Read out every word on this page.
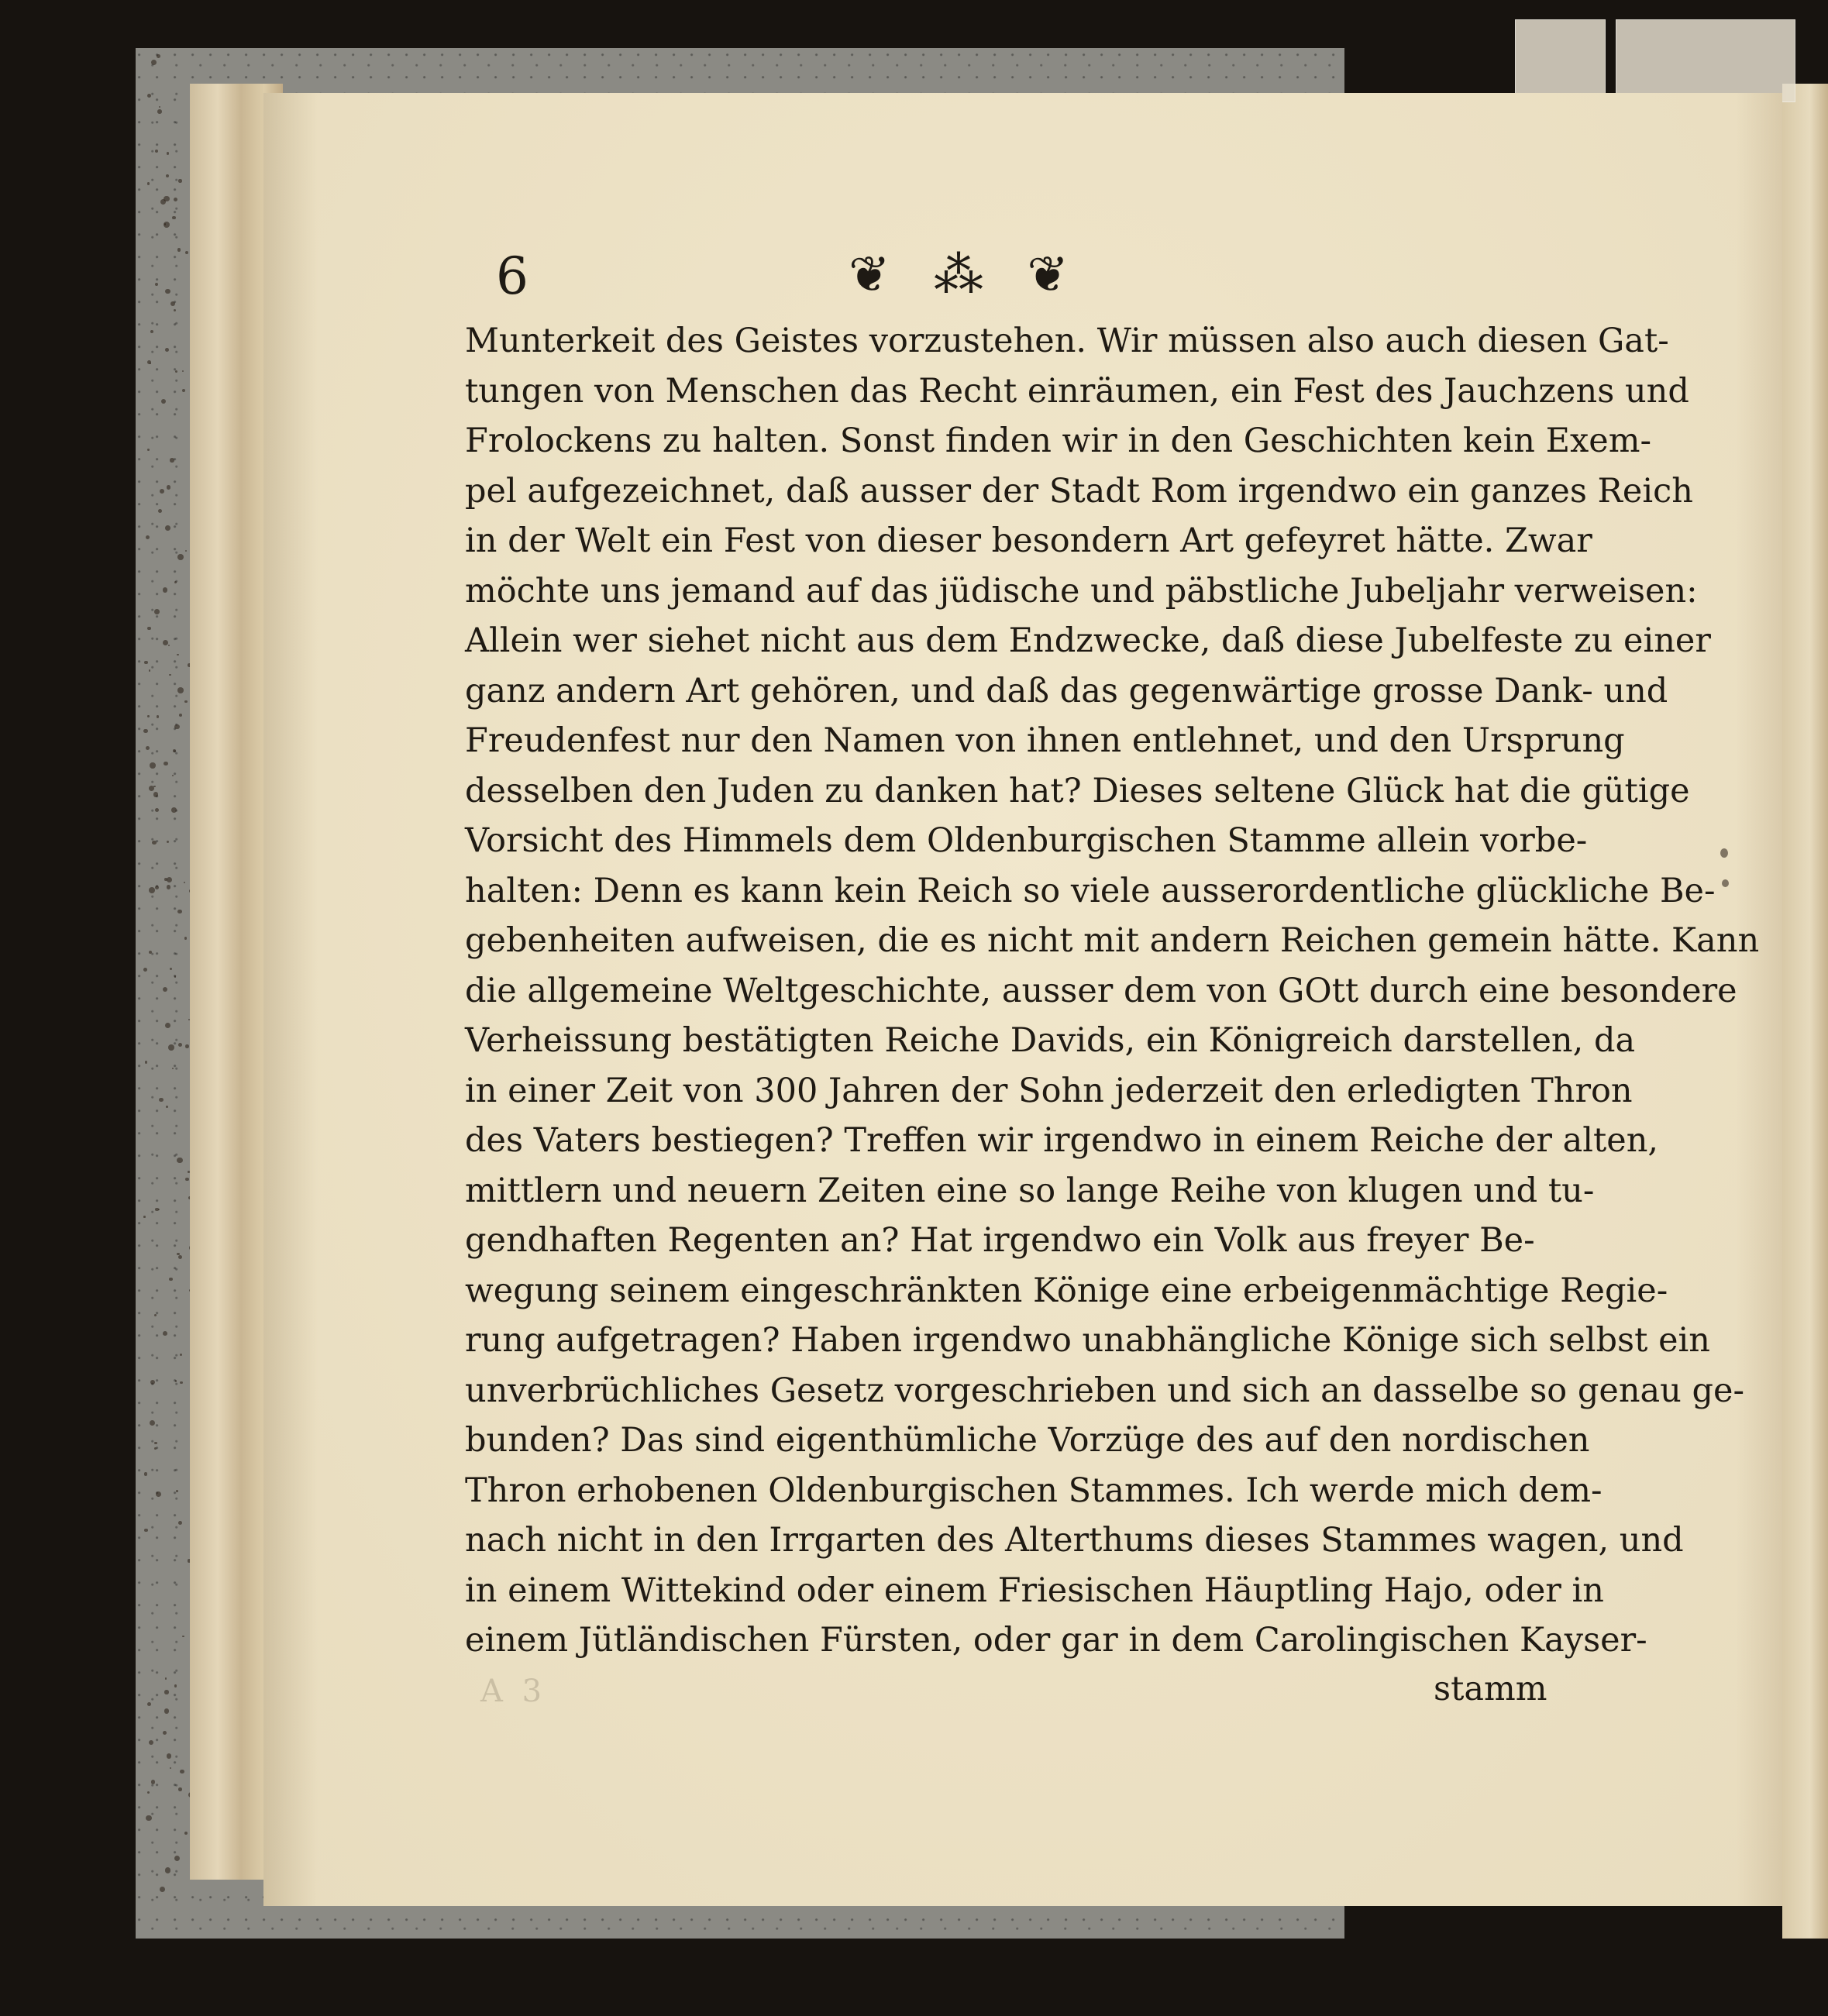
6	❦ ⁂ ❦
Munterkeit des Geistes vorzustehen. Wir müssen also auch diesen Gat-
tungen von Menschen das Recht einräumen, ein Fest des Jauchzens und
Frolockens zu halten. Sonst finden wir in den Geschichten kein Exem-
pel aufgezeichnet, daß ausser der Stadt Rom irgendwo ein ganzes Reich
in der Welt ein Fest von dieser besondern Art gefeyret hätte. Zwar
möchte uns jemand auf das jüdische und päbstliche Jubeljahr verweisen:
Allein wer siehet nicht aus dem Endzwecke, daß diese Jubelfeste zu einer
ganz andern Art gehören, und daß das gegenwärtige grosse Dank- und
Freudenfest nur den Namen von ihnen entlehnet, und den Ursprung
desselben den Juden zu danken hat? Dieses seltene Glück hat die gütige
Vorsicht des Himmels dem Oldenburgischen Stamme allein vorbe-
halten: Denn es kann kein Reich so viele ausserordentliche glückliche Be-
gebenheiten aufweisen, die es nicht mit andern Reichen gemein hätte. Kann
die allgemeine Weltgeschichte, ausser dem von GOtt durch eine besondere
Verheissung bestätigten Reiche Davids, ein Königreich darstellen, da
in einer Zeit von 300 Jahren der Sohn jederzeit den erledigten Thron
des Vaters bestiegen? Treffen wir irgendwo in einem Reiche der alten,
mittlern und neuern Zeiten eine so lange Reihe von klugen und tu-
gendhaften Regenten an? Hat irgendwo ein Volk aus freyer Be-
wegung seinem eingeschränkten Könige eine erbeigenmächtige Regie-
rung aufgetragen? Haben irgendwo unabhängliche Könige sich selbst ein
unverbrüchliches Gesetz vorgeschrieben und sich an dasselbe so genau ge-
bunden? Das sind eigenthümliche Vorzüge des auf den nordischen
Thron erhobenen Oldenburgischen Stammes. Ich werde mich dem-
nach nicht in den Irrgarten des Alterthums dieses Stammes wagen, und
in einem Wittekind oder einem Friesischen Häuptling Hajo, oder in
einem Jütländischen Fürsten, oder gar in dem Carolingischen Kayser-
A 3	stamm
